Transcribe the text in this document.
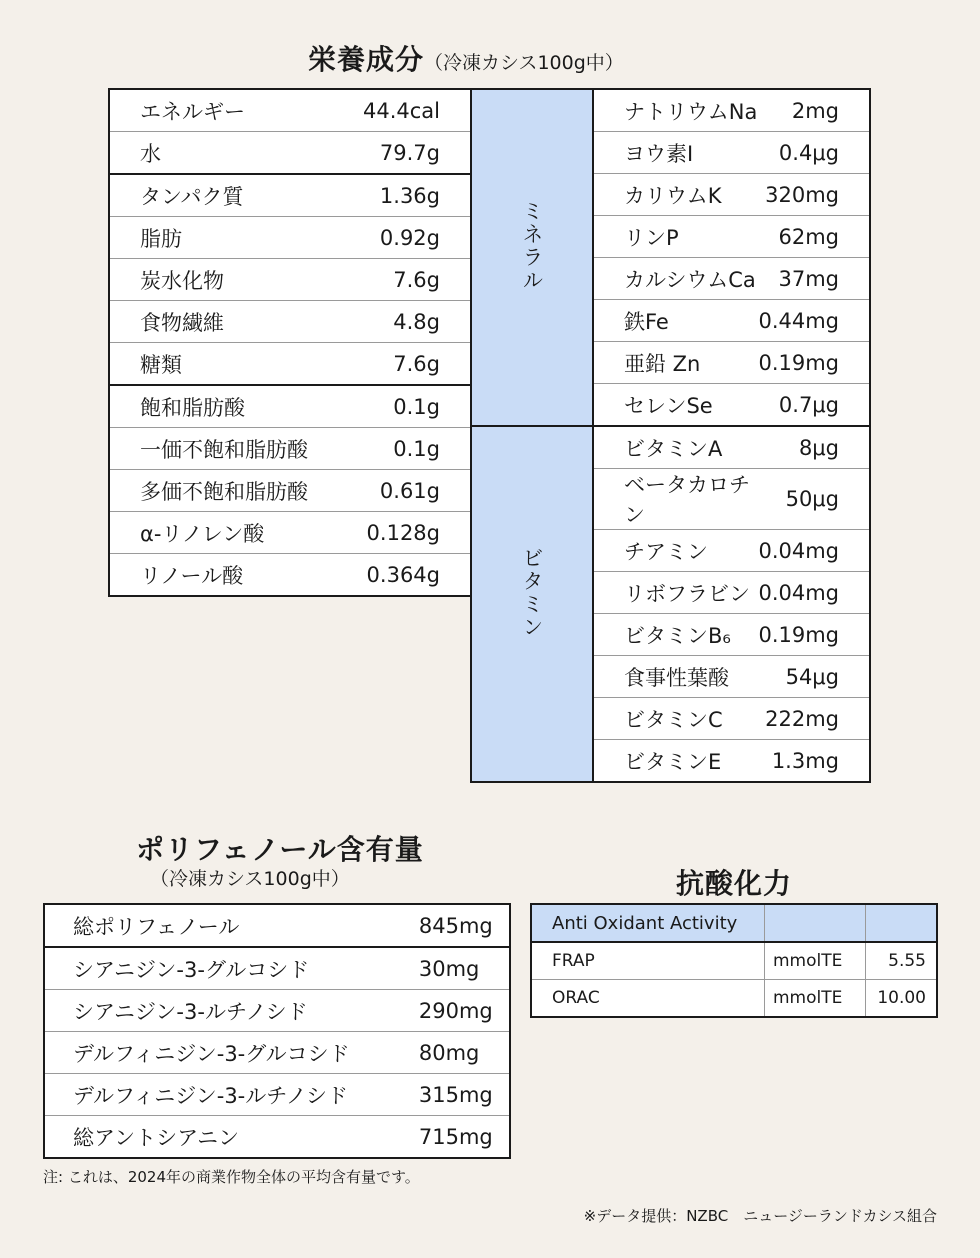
栄養成分（冷凍カシス100g中）
エネルギー	44.4cal
水	79.7g
タンパク質	1.36g
脂肪	0.92g
炭水化物	7.6g
食物繊維	4.8g
糖類	7.6g
飽和脂肪酸	0.1g
一価不飽和脂肪酸	0.1g
多価不飽和脂肪酸	0.61g
α-リノレン酸	0.128g
リノール酸	0.364g
ミネラル	ナトリウムNa	2mg
	ヨウ素I	0.4μg
	カリウムK	320mg
	リンP	62mg
	カルシウムCa	37mg
	鉄Fe	0.44mg
	亜鉛 Zn	0.19mg
	セレンSe	0.7μg
ビタミン	ビタミンA	8μg
	ベータカロチン	50μg
	チアミン	0.04mg
	リボフラビン	0.04mg
	ビタミンB₆	0.19mg
	食事性葉酸	54μg
	ビタミンC	222mg
	ビタミンE	1.3mg
ポリフェノール含有量
（冷凍カシス100g中）
総ポリフェノール	845mg
シアニジン-3-グルコシド	30mg
シアニジン-3-ルチノシド	290mg
デルフィニジン-3-グルコシド	80mg
デルフィニジン-3-ルチノシド	315mg
総アントシアニン	715mg
抗酸化力
Anti Oxidant Activity		
FRAP	mmolTE	5.55
ORAC	mmolTE	10.00
注: これは、2024年の商業作物全体の平均含有量です。
※データ提供：NZBC　ニュージーランドカシス組合
